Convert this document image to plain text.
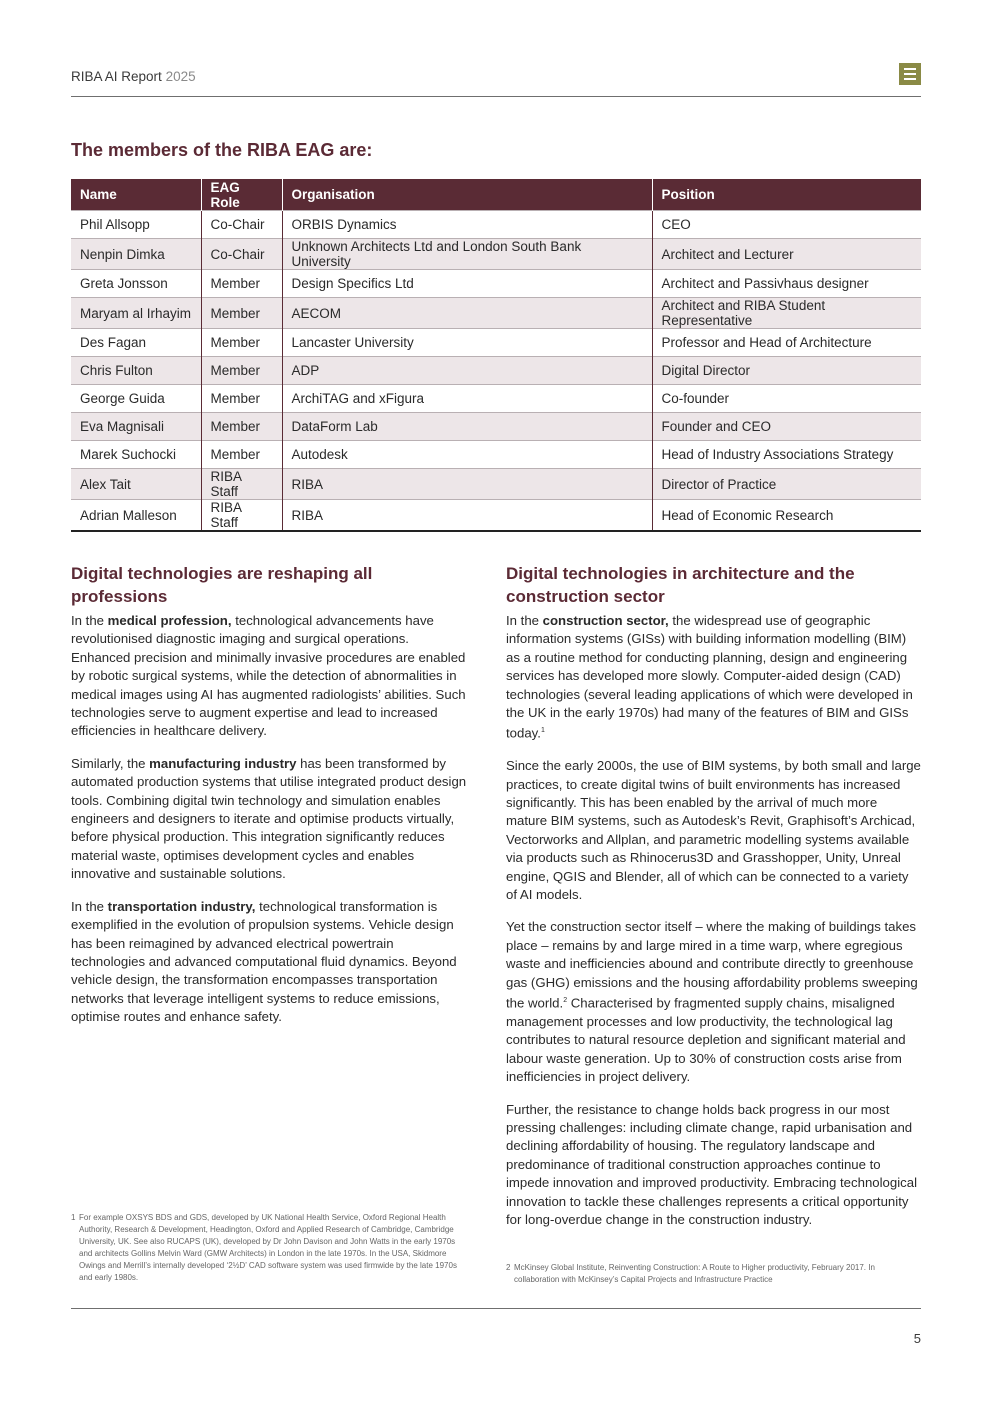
RIBA AI Report 2025
The members of the RIBA EAG are:
Name	EAG Role	Organisation	Position
Phil Allsopp	Co-Chair	ORBIS Dynamics	CEO
Nenpin Dimka	Co-Chair	Unknown Architects Ltd and London South Bank University	Architect and Lecturer
Greta Jonsson	Member	Design Specifics Ltd	Architect and Passivhaus designer
Maryam al Irhayim	Member	AECOM	Architect and RIBA Student Representative
Des Fagan	Member	Lancaster University	Professor and Head of Architecture
Chris Fulton	Member	ADP	Digital Director
George Guida	Member	ArchiTAG and xFigura	Co-founder
Eva Magnisali	Member	DataForm Lab	Founder and CEO
Marek Suchocki	Member	Autodesk	Head of Industry Associations Strategy
Alex Tait	RIBA Staff	RIBA	Director of Practice
Adrian Malleson	RIBA Staff	RIBA	Head of Economic Research
Digital technologies are reshaping all professions

In the medical profession, technological advancements have revolutionised diagnostic imaging and surgical operations. Enhanced precision and minimally invasive procedures are enabled by robotic surgical systems, while the detection of abnormalities in medical images using AI has augmented radiologists’ abilities. Such technologies serve to augment expertise and lead to increased efficiencies in healthcare delivery.

Similarly, the manufacturing industry has been transformed by automated production systems that utilise integrated product design tools. Combining digital twin technology and simulation enables engineers and designers to iterate and optimise products virtually, before physical production. This integration significantly reduces material waste, optimises development cycles and enables innovative and sustainable solutions.

In the transportation industry, technological transformation is exemplified in the evolution of propulsion systems. Vehicle design has been reimagined by advanced electrical powertrain technologies and advanced computational fluid dynamics. Beyond vehicle design, the transformation encompasses transportation networks that leverage intelligent systems to reduce emissions, optimise routes and enhance safety.

Digital technologies in architecture and the construction sector

In the construction sector, the widespread use of geographic information systems (GISs) with building information modelling (BIM) as a routine method for conducting planning, design and engineering services has developed more slowly. Computer-aided design (CAD) technologies (several leading applications of which were developed in the UK in the early 1970s) had many of the features of BIM and GISs today.$^1$

Since the early 2000s, the use of BIM systems, by both small and large practices, to create digital twins of built environments has increased significantly. This has been enabled by the arrival of much more mature BIM systems, such as Autodesk’s Revit, Graphisoft’s Archicad, Vectorworks and Allplan, and parametric modelling systems available via products such as Rhinocerus3D and Grasshopper, Unity, Unreal engine, QGIS and Blender, all of which can be connected to a variety of AI models.

Yet the construction sector itself – where the making of buildings takes place – remains by and large mired in a time warp, where egregious waste and inefficiencies abound and contribute directly to greenhouse gas (GHG) emissions and the housing affordability problems sweeping the world.$^2$ Characterised by fragmented supply chains, misaligned management processes and low productivity, the technological lag contributes to natural resource depletion and significant material and labour waste generation. Up to 30% of construction costs arise from inefficiencies in project delivery.

Further, the resistance to change holds back progress in our most pressing challenges: including climate change, rapid urbanisation and declining affordability of housing. The regulatory landscape and predominance of traditional construction approaches continue to impede innovation and improved productivity. Embracing technological innovation to tackle these challenges represents a critical opportunity for long-overdue change in the construction industry.

1 For example OXSYS BDS and GDS, developed by UK National Health Service, Oxford Regional Health Authority, Research & Development, Headington, Oxford and Applied Research of Cambridge, Cambridge University, UK. See also RUCAPS (UK), developed by Dr John Davison and John Watts in the early 1970s and architects Gollins Melvin Ward (GMW Architects) in London in the late 1970s. In the USA, Skidmore Owings and Merrill’s internally developed ‘2½D’ CAD software system was used firmwide by the late 1970s and early 1980s.
2 McKinsey Global Institute, Reinventing Construction: A Route to Higher productivity, February 2017. In collaboration with McKinsey’s Capital Projects and Infrastructure Practice
5
